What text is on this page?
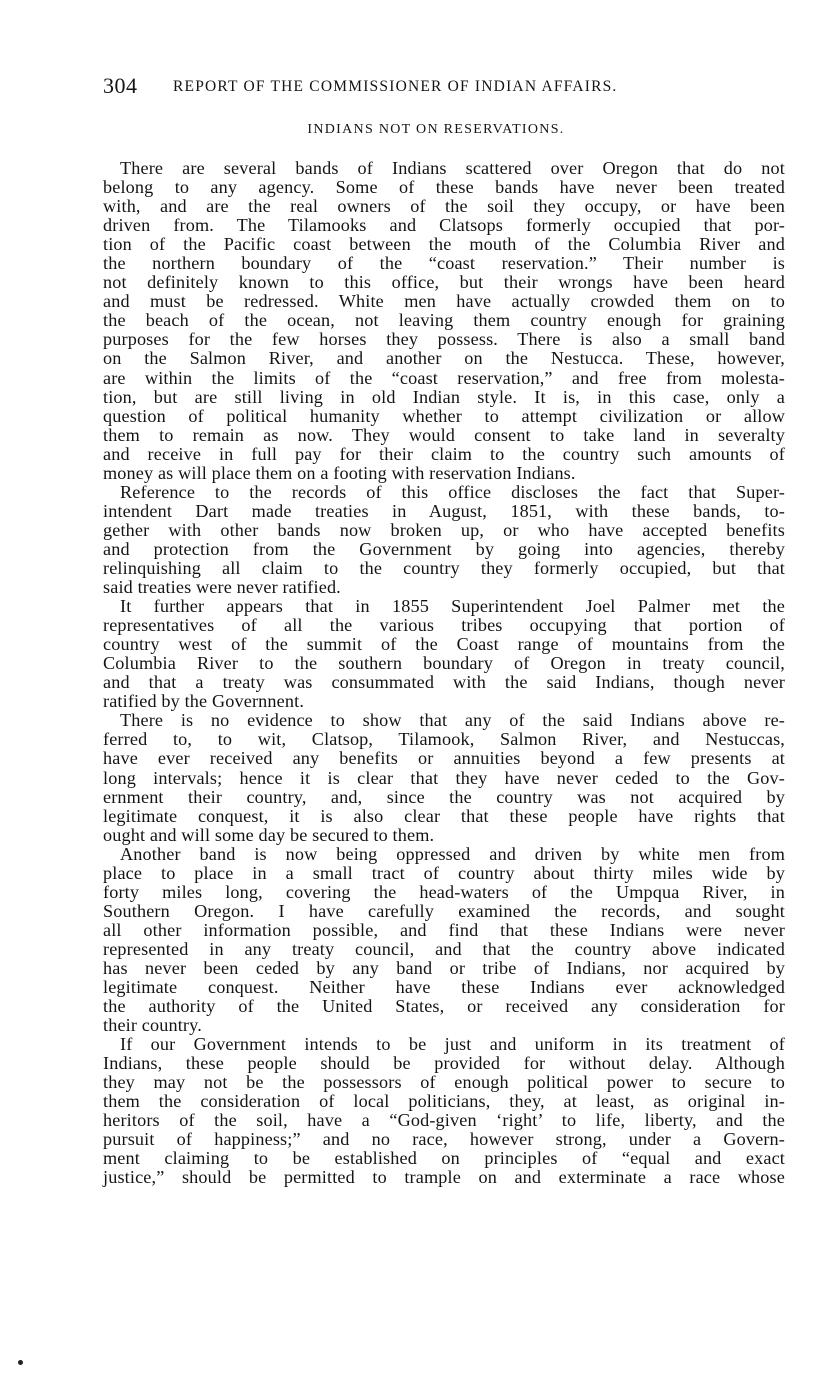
304 REPORT OF THE COMMISSIONER OF INDIAN AFFAIRS.
INDIANS NOT ON RESERVATIONS.
There are several bands of Indians scattered over Oregon that do not
belong to any agency. Some of these bands have never been treated
with, and are the real owners of the soil they occupy, or have been
driven from. The Tilamooks and Clatsops formerly occupied that por-
tion of the Pacific coast between the mouth of the Columbia River and
the northern boundary of the “coast reservation.” Their number is
not definitely known to this office, but their wrongs have been heard
and must be redressed. White men have actually crowded them on to
the beach of the ocean, not leaving them country enough for graining
purposes for the few horses they possess. There is also a small band
on the Salmon River, and another on the Nestucca. These, however,
are within the limits of the “coast reservation,” and free from molesta-
tion, but are still living in old Indian style. It is, in this case, only a
question of political humanity whether to attempt civilization or allow
them to remain as now. They would consent to take land in severalty
and receive in full pay for their claim to the country such amounts of
money as will place them on a footing with reservation Indians.
Reference to the records of this office discloses the fact that Super-
intendent Dart made treaties in August, 1851, with these bands, to-
gether with other bands now broken up, or who have accepted benefits
and protection from the Government by going into agencies, thereby
relinquishing all claim to the country they formerly occupied, but that
said treaties were never ratified.
It further appears that in 1855 Superintendent Joel Palmer met the
representatives of all the various tribes occupying that portion of
country west of the summit of the Coast range of mountains from the
Columbia River to the southern boundary of Oregon in treaty council,
and that a treaty was consummated with the said Indians, though never
ratified by the Governnent.
There is no evidence to show that any of the said Indians above re-
ferred to, to wit, Clatsop, Tilamook, Salmon River, and Nestuccas,
have ever received any benefits or annuities beyond a few presents at
long intervals; hence it is clear that they have never ceded to the Gov-
ernment their country, and, since the country was not acquired by
legitimate conquest, it is also clear that these people have rights that
ought and will some day be secured to them.
Another band is now being oppressed and driven by white men from
place to place in a small tract of country about thirty miles wide by
forty miles long, covering the head-waters of the Umpqua River, in
Southern Oregon. I have carefully examined the records, and sought
all other information possible, and find that these Indians were never
represented in any treaty council, and that the country above indicated
has never been ceded by any band or tribe of Indians, nor acquired by
legitimate conquest. Neither have these Indians ever acknowledged
the authority of the United States, or received any consideration for
their country.
If our Government intends to be just and uniform in its treatment of
Indians, these people should be provided for without delay. Although
they may not be the possessors of enough political power to secure to
them the consideration of local politicians, they, at least, as original in-
heritors of the soil, have a “God-given ‘right’ to life, liberty, and the
pursuit of happiness;” and no race, however strong, under a Govern-
ment claiming to be established on principles of “equal and exact
justice,” should be permitted to trample on and exterminate a race whose
